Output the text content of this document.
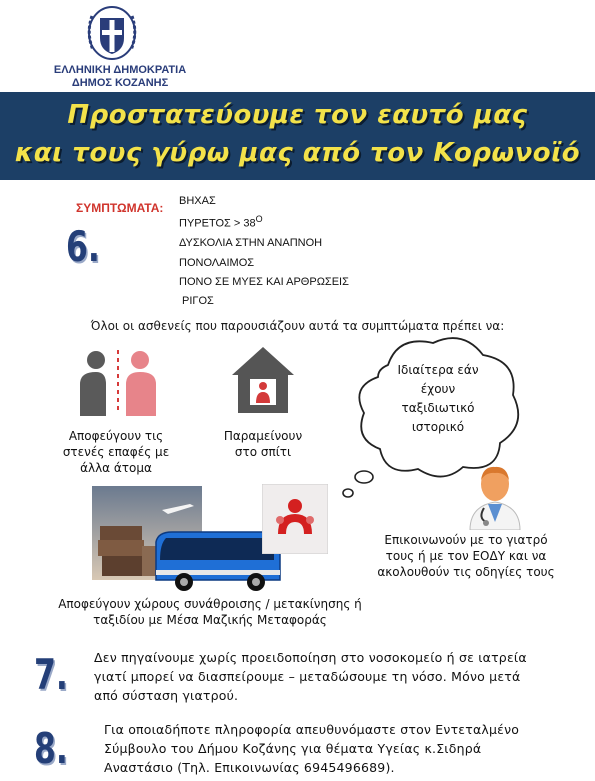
ΕΛΛΗΝΙΚΗ ΔΗΜΟΚΡΑΤΙΑ
ΔΗΜΟΣ ΚΟΖΑΝΗΣ
Προστατεύουμε τον εαυτό μας
και τους γύρω μας από τον Κορωνοϊό
ΣΥΜΠΤΩΜΑΤΑ:
6.
ΒΗΧΑΣ
$\Pi\Upsilon PETO\Sigma > 38^O$
ΔΥΣΚΟΛΙΑ ΣΤΗΝ ΑΝΑΠΝΟΗ
ΠΟΝΟΛΑΙΜΟΣ
ΠΟΝΟ ΣΕ ΜΥΕΣ ΚΑΙ ΑΡΘΡΩΣΕΙΣ
ΡΙΓΟΣ
Όλοι οι ασθενείς που παρουσιάζουν αυτά τα συμπτώματα πρέπει να:
Αποφεύγουν τις
στενές επαφές με
άλλα άτομα
Παραμείνουν
στο σπίτι
Ιδιαίτερα εάν
έχουν
ταξιδιωτικό
ιστορικό
Επικοινωνούν με το γιατρό
τους ή με τον ΕΟΔΥ και να
ακολουθούν τις οδηγίες τους
Αποφεύγουν χώρους συνάθροισης / μετακίνησης ή
ταξιδίου με Μέσα Μαζικής Μεταφοράς
7. Δεν πηγαίνουμε χωρίς προειδοποίηση στο νοσοκομείο ή σε ιατρεία
γιατί μπορεί να διασπείρουμε – μεταδώσουμε τη νόσο. Μόνο μετά
από σύσταση γιατρού.
8.	Για οποιαδήποτε πληροφορία απευθυνόμαστε στον Εντεταλμένο
Σύμβουλο του Δήμου Κοζάνης για θέματα Υγείας κ.Σιδηρά
Αναστάσιο (Τηλ. Επικοινωνίας 6945496689).
